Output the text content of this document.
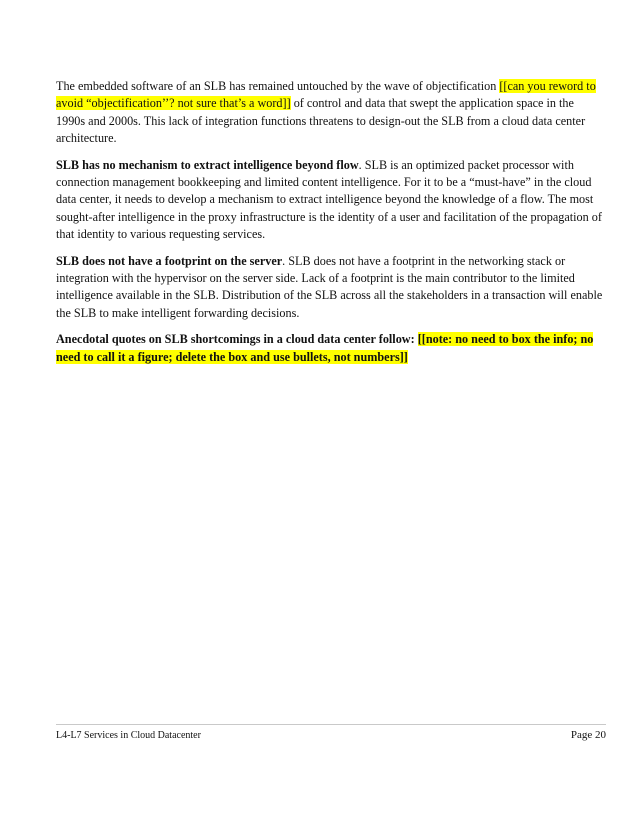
The embedded software of an SLB has remained untouched by the wave of objectification [[can you reword to avoid “objectification’’? not sure that’s a word]] of control and data that swept the application space in the 1990s and 2000s. This lack of integration functions threatens to design-out the SLB from a cloud data center architecture.

SLB has no mechanism to extract intelligence beyond flow. SLB is an optimized packet processor with connection management bookkeeping and limited content intelligence. For it to be a “must-have” in the cloud data center, it needs to develop a mechanism to extract intelligence beyond the knowledge of a flow. The most sought-after intelligence in the proxy infrastructure is the identity of a user and facilitation of the propagation of that identity to various requesting services.

SLB does not have a footprint on the server. SLB does not have a footprint in the networking stack or integration with the hypervisor on the server side. Lack of a footprint is the main contributor to the limited intelligence available in the SLB. Distribution of the SLB across all the stakeholders in a transaction will enable the SLB to make intelligent forwarding decisions.

Anecdotal quotes on SLB shortcomings in a cloud data center follow: [[note: no need to box the info; no need to call it a figure; delete the box and use bullets, not numbers]]

L4-L7 Services in Cloud Datacenter	Page 20
